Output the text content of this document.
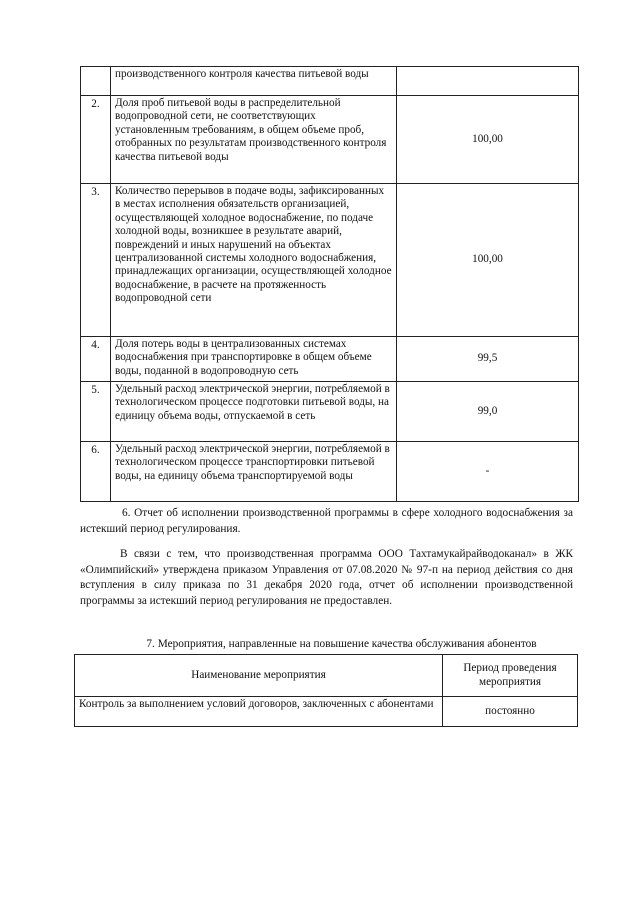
	производственного контроля качества питьевой воды	
2.	Доля проб питьевой воды в распределительной водопроводной сети, не соответствующих установленным требованиям, в общем объеме проб, отобранных по результатам производственного контроля качества питьевой воды	100,00
3.	Количество перерывов в подаче воды, зафиксированных в местах исполнения обязательств организацией, осуществляющей холодное водоснабжение, по подаче холодной воды, возникшее в результате аварий, повреждений и иных нарушений на объектах централизованной системы холодного водоснабжения, принадлежащих организации, осуществляющей холодное водоснабжение, в расчете на протяженность водопроводной сети	100,00
4.	Доля потерь воды в централизованных системах водоснабжения при транспортировке в общем объеме воды, поданной в водопроводную сеть	99,5
5.	Удельный расход электрической энергии, потребляемой в технологическом процессе подготовки питьевой воды, на единицу объема воды, отпускаемой в сеть	99,0
6.	Удельный расход электрической энергии, потребляемой в технологическом процессе транспортировки питьевой воды, на единицу объема транспортируемой воды	-
6. Отчет об исполнении производственной программы в сфере холодного водоснабжения за истекший период регулирования.
В связи с тем, что производственная программа ООО Тахтамукайрайводоканал» в ЖК «Олимпийский» утверждена приказом Управления от 07.08.2020 № 97-п на период действия со дня вступления в силу приказа по 31 декабря 2020 года, отчет об исполнении производственной программы за истекший период регулирования не предоставлен.
7. Мероприятия, направленные на повышение качества обслуживания абонентов
Наименование мероприятия	Период проведения мероприятия
Контроль за выполнением условий договоров, заключенных с абонентами	постоянно
